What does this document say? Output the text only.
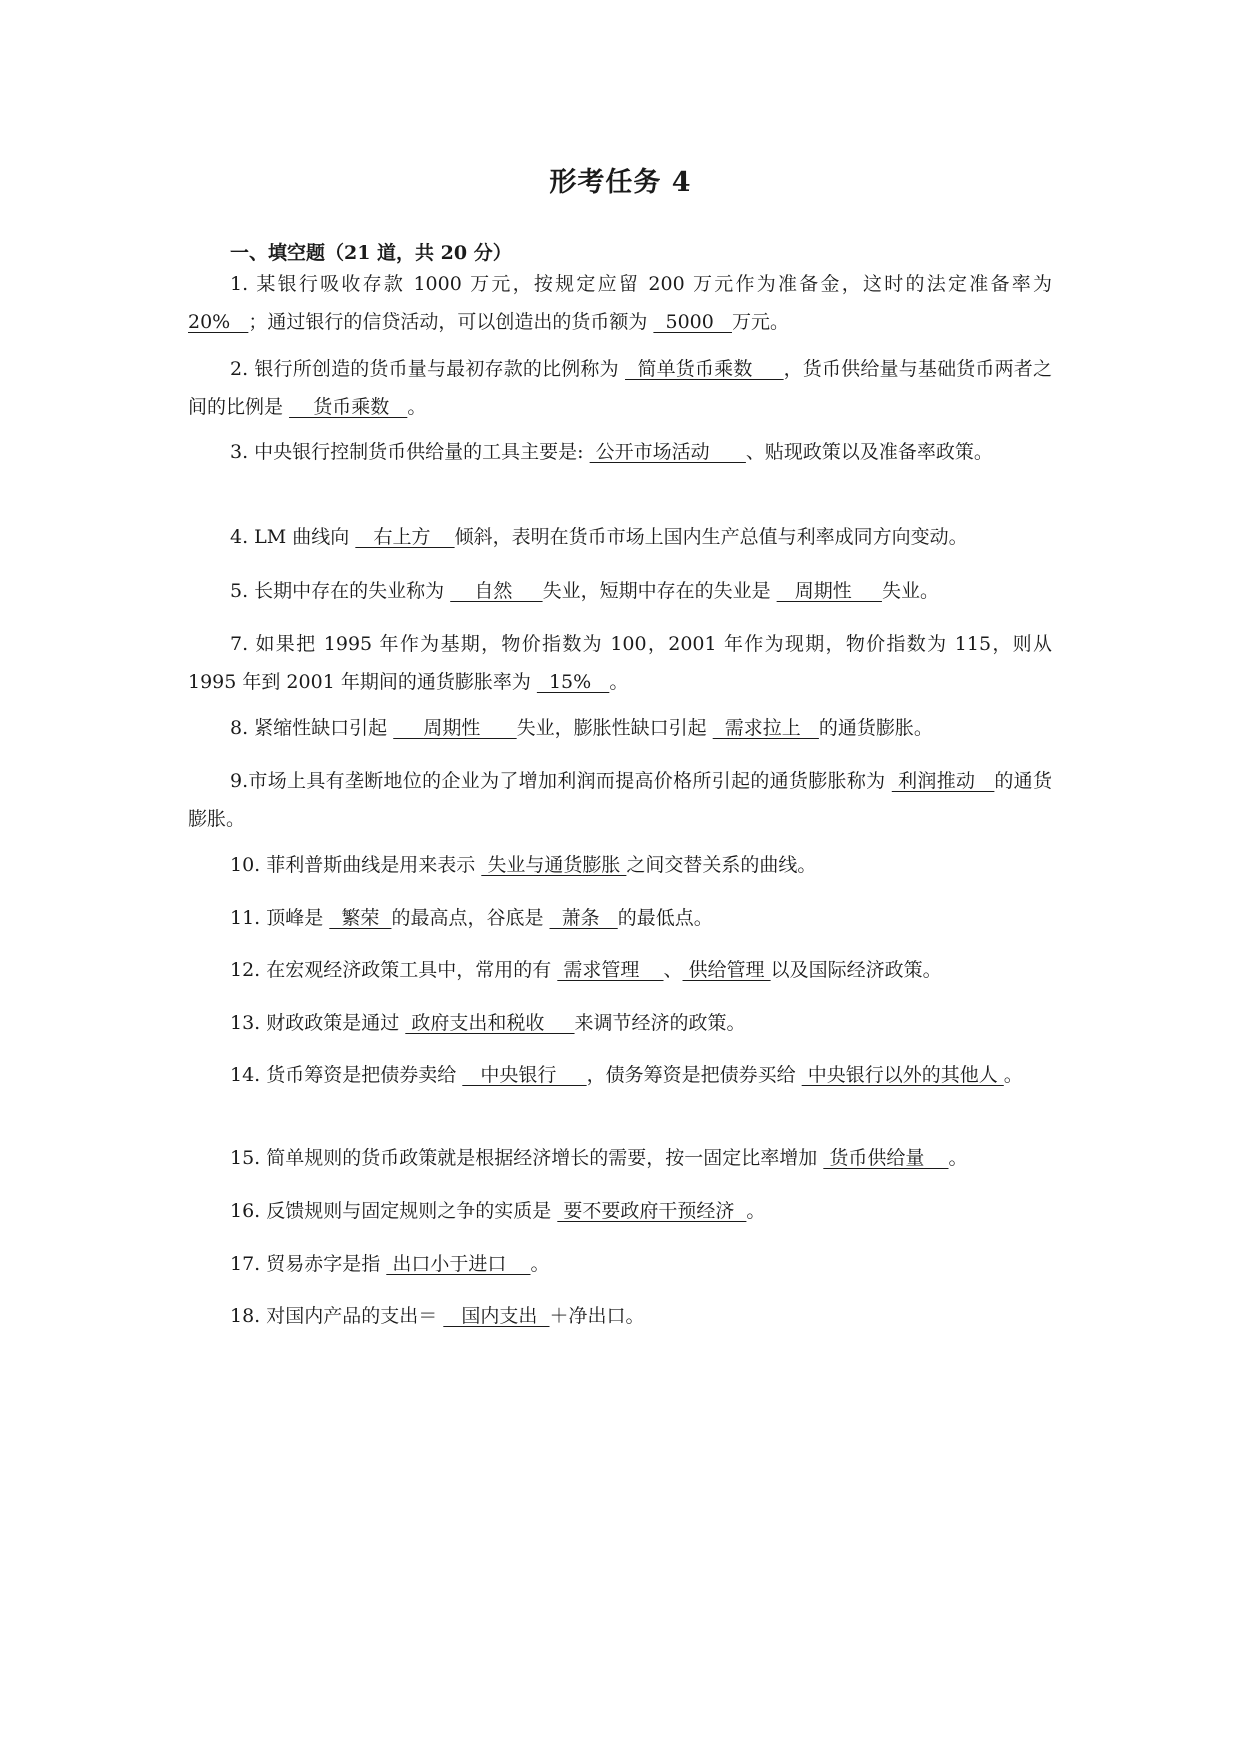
形考任务 4
一、填空题（21 道，共 20 分）

1. 某银行吸收存款 1000 万元，按规定应留 200 万元作为准备金，这时的法定准备率为 20%   ；通过银行的信贷活动，可以创造出的货币额为   5000   万元。

2. 银行所创造的货币量与最初存款的比例称为   简单货币乘数     ，货币供给量与基础货币两者之间的比例是     货币乘数   。

3. 中央银行控制货币供给量的工具主要是:  公开市场活动      、贴现政策以及准备率政策。

4. LM 曲线向    右上方    倾斜，表明在货币市场上国内生产总值与利率成同方向变动。

5. 长期中存在的失业称为     自然     失业，短期中存在的失业是    周期性     失业。

7. 如果把 1995 年作为基期，物价指数为 100，2001 年作为现期，物价指数为 115，则从 1995 年到 2001 年期间的通货膨胀率为   15%   。

8. 紧缩性缺口引起      周期性      失业，膨胀性缺口引起   需求拉上   的通货膨胀。

9.市场上具有垄断地位的企业为了增加利润而提高价格所引起的通货膨胀称为  利润推动   的通货膨胀。

10. 菲利普斯曲线是用来表示  失业与通货膨胀 之间交替关系的曲线。

11. 顶峰是   繁荣  的最高点，谷底是   萧条   的最低点。

12. 在宏观经济政策工具中，常用的有  需求管理    、 供给管理 以及国际经济政策。

13. 财政政策是通过  政府支出和税收     来调节经济的政策。

14. 货币筹资是把债券卖给    中央银行     ，债务筹资是把债券买给  中央银行以外的其他人 。

15. 简单规则的货币政策就是根据经济增长的需要，按一固定比率增加  货币供给量    。

16. 反馈规则与固定规则之争的实质是  要不要政府干预经济  。

17. 贸易赤字是指  出口小于进口    。

18. 对国内产品的支出＝    国内支出  ＋净出口。
